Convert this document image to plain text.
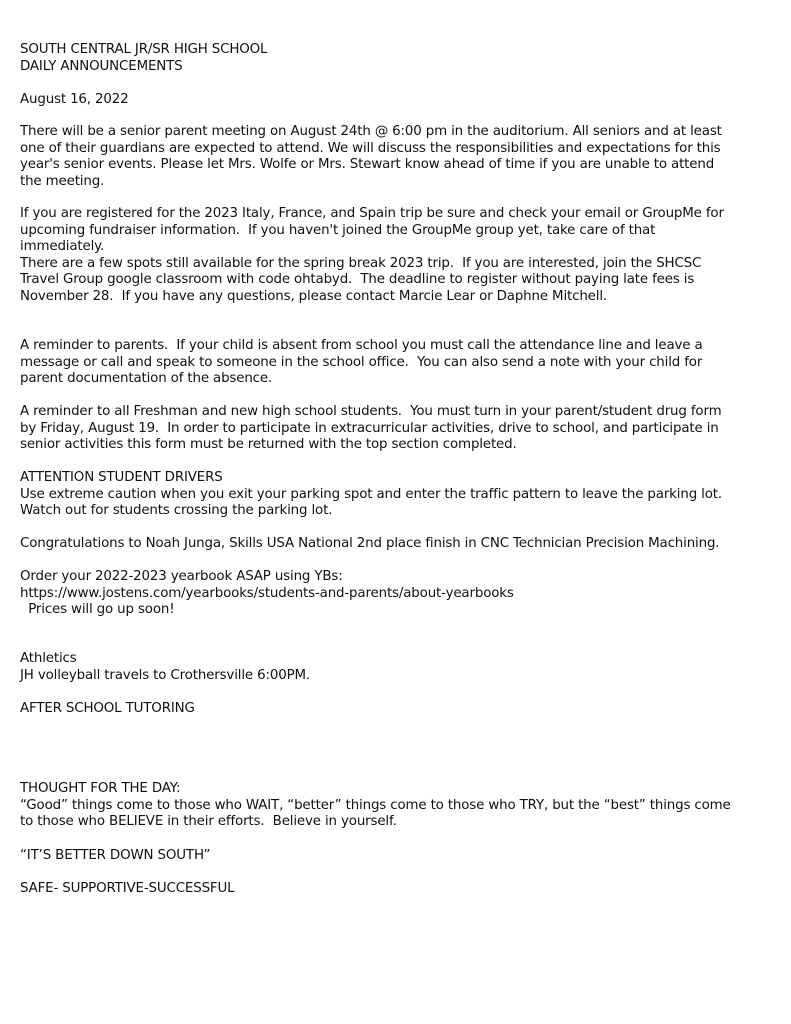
SOUTH CENTRAL JR/SR HIGH SCHOOL
DAILY ANNOUNCEMENTS
August 16, 2022
There will be a senior parent meeting on August 24th @ 6:00 pm in the auditorium. All seniors and at least
one of their guardians are expected to attend. We will discuss the responsibilities and expectations for this
year's senior events. Please let Mrs. Wolfe or Mrs. Stewart know ahead of time if you are unable to attend
the meeting.
If you are registered for the 2023 Italy, France, and Spain trip be sure and check your email or GroupMe for
upcoming fundraiser information.  If you haven't joined the GroupMe group yet, take care of that
immediately.
There are a few spots still available for the spring break 2023 trip.  If you are interested, join the SHCSC
Travel Group google classroom with code ohtabyd.  The deadline to register without paying late fees is
November 28.  If you have any questions, please contact Marcie Lear or Daphne Mitchell.
A reminder to parents.  If your child is absent from school you must call the attendance line and leave a
message or call and speak to someone in the school office.  You can also send a note with your child for
parent documentation of the absence.
A reminder to all Freshman and new high school students.  You must turn in your parent/student drug form
by Friday, August 19.  In order to participate in extracurricular activities, drive to school, and participate in
senior activities this form must be returned with the top section completed.
ATTENTION STUDENT DRIVERS
Use extreme caution when you exit your parking spot and enter the traffic pattern to leave the parking lot.
Watch out for students crossing the parking lot.
Congratulations to Noah Junga, Skills USA National 2nd place finish in CNC Technician Precision Machining.
Order your 2022-2023 yearbook ASAP using YBs:
https://www.jostens.com/yearbooks/students-and-parents/about-yearbooks
Prices will go up soon!
Athletics
JH volleyball travels to Crothersville 6:00PM.
AFTER SCHOOL TUTORING
THOUGHT FOR THE DAY:
“Good” things come to those who WAIT, “better” things come to those who TRY, but the “best” things come
to those who BELIEVE in their efforts.  Believe in yourself.
“IT’S BETTER DOWN SOUTH”
SAFE- SUPPORTIVE-SUCCESSFUL
